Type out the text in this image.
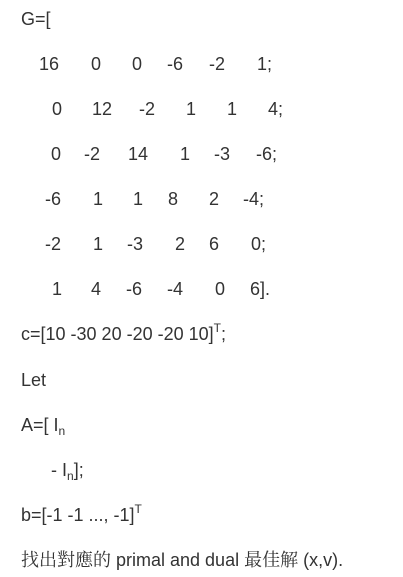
G=[
16 0 0 -6 -2 1;
0 12 -2 1 1 4;
0 -2 14 1 -3 -6;
-6 1 1 8 2 -4;
-2 1 -3 2 6 0;
1 4 -6 -4 0 6].
c=[10 -30 20 -20 -20 10]$^T$;
Let
A=[ $I_n$
- $I_n$];
b=[-1 -1 ..., -1]$^T$
找出對應的 primal and dual 最佳解 (x,v).
